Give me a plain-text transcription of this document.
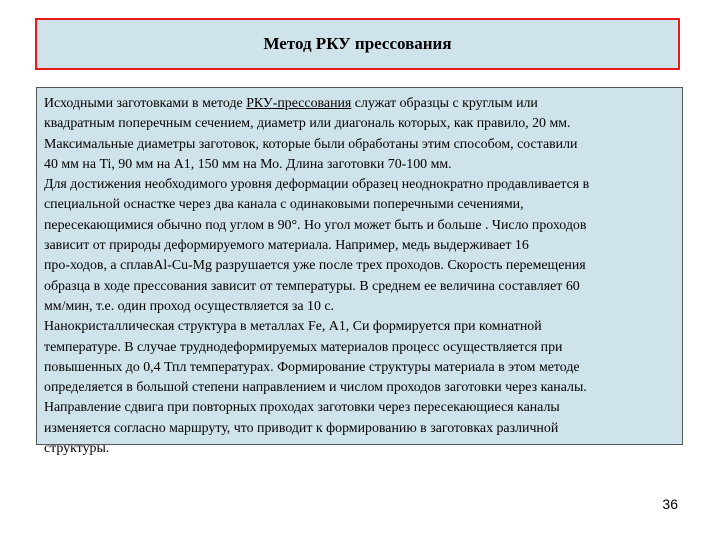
Метод РКУ прессования
Исходными заготовками в методе РКУ-прессования служат образцы с круглым или
квадратным поперечным сечением, диаметр или диагональ которых, как правило, 20 мм.
Максимальные диаметры заготовок, которые были обработаны этим способом, составили
40 мм на Ti, 90 мм на А1, 150 мм на Мо. Длина заготовки 70-100 мм.
Для достижения необходимого уровня деформации образец неоднократно продавливается в
специальной оснастке через два канала с одинаковыми поперечными сечениями,
пересекающимися обычно под углом в 90°. Но угол может быть и больше . Число проходов
зависит от природы деформируемого материала. Например, медь выдерживает 16
про-ходов, а сплавAl-Cu-Mg разрушается уже после трех проходов. Скорость перемещения
образца в ходе прессования зависит от температуры. В среднем ее величина составляет 60
мм/мин, т.е. один проход осуществляется за 10 с.
Нанокристаллическая структура в металлах Fe, А1, Си формируется при комнатной
температуре. В случае труднодеформируемых материалов процесс осуществляется при
повышенных до 0,4 Тпл температурах. Формирование структуры материала в этом методе
определяется в большой степени направлением и числом проходов заготовки через каналы.
Направление сдвига при повторных проходах заготовки через пересекающиеся каналы
изменяется согласно маршруту, что приводит к формированию в заготовках различной
структуры.
36
